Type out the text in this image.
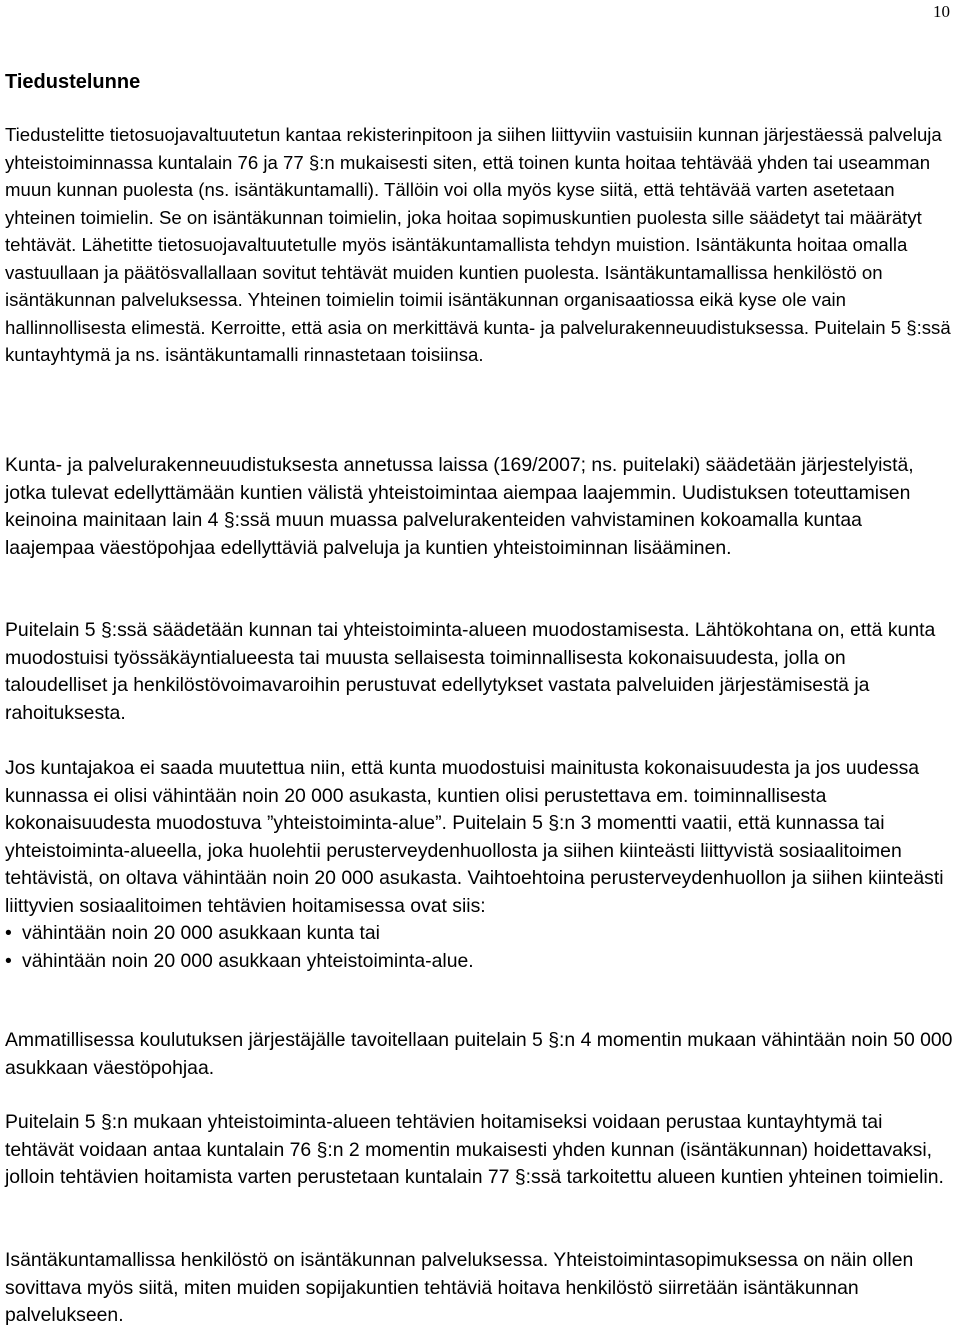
10
Tiedustelunne

Tiedustelitte tietosuojavaltuutetun kantaa rekisterinpitoon ja siihen liittyviin vastuisiin kunnan järjestäessä palveluja yhteistoiminnassa kuntalain 76 ja 77 §:n mukaisesti siten, että toinen kunta hoitaa tehtävää yhden tai useamman muun kunnan puolesta (ns. isäntäkuntamalli). Tällöin voi olla myös kyse siitä, että tehtävää varten asetetaan yhteinen toimielin. Se on isäntäkunnan toimielin, joka hoitaa sopimuskuntien puolesta sille säädetyt tai määrätyt tehtävät. Lähetitte tietosuojavaltuutetulle myös isäntäkuntamallista tehdyn muistion. Isäntäkunta hoitaa omalla vastuullaan ja päätösvallallaan sovitut tehtävät muiden kuntien puolesta. Isäntäkuntamallissa henkilöstö on isäntäkunnan palveluksessa. Yhteinen toimielin toimii isäntäkunnan organisaatiossa eikä kyse ole vain hallinnollisesta elimestä. Kerroitte, että asia on merkittävä kunta- ja palvelurakenneuudistuksessa. Puitelain 5 §:ssä kuntayhtymä ja ns. isäntäkuntamalli rinnastetaan toisiinsa.

Kunta- ja palvelurakenneuudistuksesta annetussa laissa (169/2007; ns. puitelaki) säädetään järjestelyistä, jotka tulevat edellyttämään kuntien välistä yhteistoimintaa aiempaa laajemmin. Uudistuksen toteuttamisen keinoina mainitaan lain 4 §:ssä muun muassa palvelurakenteiden vahvistaminen kokoamalla kuntaa laajempaa väestöpohjaa edellyttäviä palveluja ja kuntien yhteistoiminnan lisääminen.

Puitelain 5 §:ssä säädetään kunnan tai yhteistoiminta-alueen muodostamisesta. Lähtökohtana on, että kunta muodostuisi työssäkäyntialueesta tai muusta sellaisesta toiminnallisesta kokonaisuudesta, jolla on taloudelliset ja henkilöstövoimavaroihin perustuvat edellytykset vastata palveluiden järjestämisestä ja rahoituksesta.

Jos kuntajakoa ei saada muutettua niin, että kunta muodostuisi mainitusta kokonaisuudesta ja jos uudessa kunnassa ei olisi vähintään noin 20 000 asukasta, kuntien olisi perustettava em. toiminnallisesta kokonaisuudesta muodostuva ”yhteistoiminta-alue”. Puitelain 5 §:n 3 momentti vaatii, että kunnassa tai yhteistoiminta-alueella, joka huolehtii perusterveydenhuollosta ja siihen kiinteästi liittyvistä sosiaalitoimen tehtävistä, on oltava vähintään noin 20 000 asukasta. Vaihtoehtoina perusterveydenhuollon ja siihen kiinteästi liittyvien sosiaalitoimen tehtävien hoitamisessa ovat siis:
• vähintään noin 20 000 asukkaan kunta tai
• vähintään noin 20 000 asukkaan yhteistoiminta-alue.

Ammatillisessa koulutuksen järjestäjälle tavoitellaan puitelain 5 §:n 4 momentin mukaan vähintään noin 50 000 asukkaan väestöpohjaa.

Puitelain 5 §:n mukaan yhteistoiminta-alueen tehtävien hoitamiseksi voidaan perustaa kuntayhtymä tai tehtävät voidaan antaa kuntalain 76 §:n 2 momentin mukaisesti yhden kunnan (isäntäkunnan) hoidettavaksi, jolloin tehtävien hoitamista varten perustetaan kuntalain 77 §:ssä tarkoitettu alueen kuntien yhteinen toimielin.

Isäntäkuntamallissa henkilöstö on isäntäkunnan palveluksessa. Yhteistoimintasopimuksessa on näin ollen sovittava myös siitä, miten muiden sopijakuntien tehtäviä hoitava henkilöstö siirretään isäntäkunnan palvelukseen.
